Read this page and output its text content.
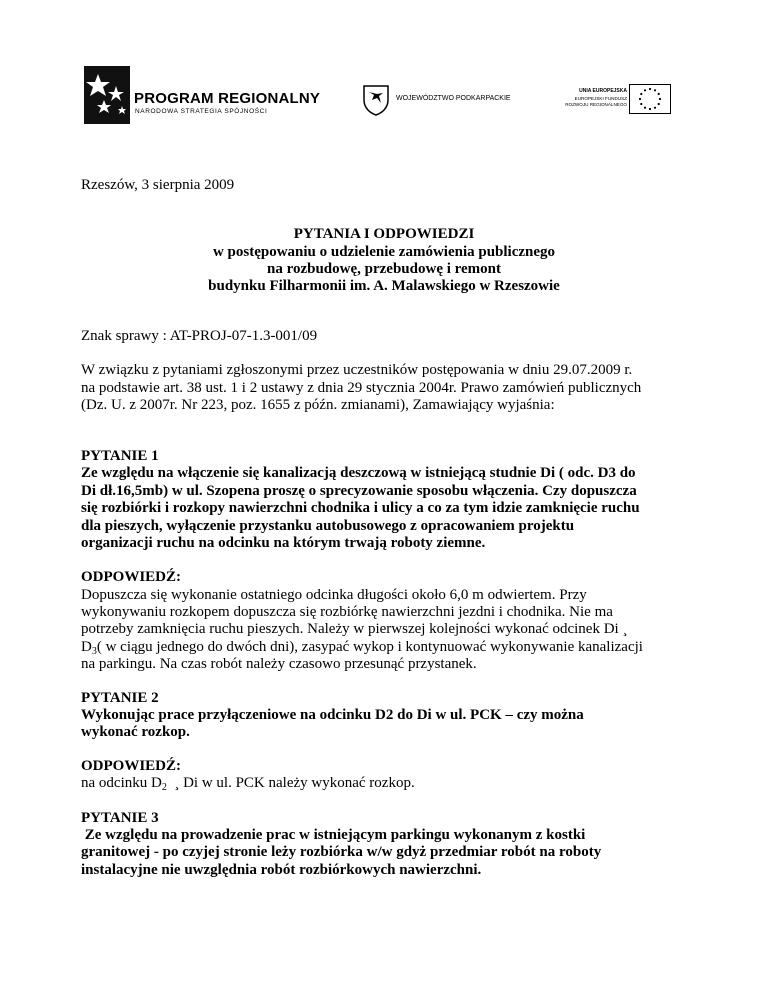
PROGRAM REGIONALNY
NARODOWA STRATEGIA SPÓJNOŚCI
WOJEWÓDZTWO PODKARPACKIE
UNIA EUROPEJSKA
EUROPEJSKI FUNDUSZ
ROZWOJU REGIONALNEGO
Rzeszów, 3 sierpnia 2009
PYTANIA I ODPOWIEDZI
w postępowaniu o udzielenie zamówienia publicznego
na rozbudowę, przebudowę i remont
budynku Filharmonii im. A. Malawskiego w Rzeszowie
Znak sprawy : AT-PROJ-07-1.3-001/09
W związku z pytaniami zgłoszonymi przez uczestników postępowania w dniu 29.07.2009 r.
na podstawie art. 38 ust. 1 i 2 ustawy z dnia 29 stycznia 2004r. Prawo zamówień publicznych
(Dz. U. z 2007r. Nr 223, poz. 1655 z późn. zmianami), Zamawiający wyjaśnia:
PYTANIE 1
Ze względu na włączenie się kanalizacją deszczową w istniejącą studnie Di ( odc. D3 do
Di dł.16,5mb) w ul. Szopena proszę o sprecyzowanie sposobu włączenia. Czy dopuszcza
się rozbiórki i rozkopy nawierzchni chodnika i ulicy a co za tym idzie zamknięcie ruchu
dla pieszych, wyłączenie przystanku autobusowego z opracowaniem projektu
organizacji ruchu na odcinku na którym trwają roboty ziemne.
ODPOWIEDŹ:
Dopuszcza się wykonanie ostatniego odcinka długości około 6,0 m odwiertem. Przy
wykonywaniu rozkopem dopuszcza się rozbiórkę nawierzchni jezdni i chodnika. Nie ma
potrzeby zamknięcia ruchu pieszych. Należy w pierwszej kolejności wykonać odcinek Di ¸
$D_3$( w ciągu jednego do dwóch dni), zasypać wykop i kontynuować wykonywanie kanalizacji
na parkingu. Na czas robót należy czasowo przesunąć przystanek.
PYTANIE 2
Wykonując prace przyłączeniowe na odcinku D2 do Di w ul. PCK – czy można
wykonać rozkop.
ODPOWIEDŹ:
na odcinku $D_2$  ¸ Di w ul. PCK należy wykonać rozkop.
PYTANIE 3
Ze względu na prowadzenie prac w istniejącym parkingu wykonanym z kostki
granitowej - po czyjej stronie leży rozbiórka w/w gdyż przedmiar robót na roboty
instalacyjne nie uwzględnia robót rozbiórkowych nawierzchni.
